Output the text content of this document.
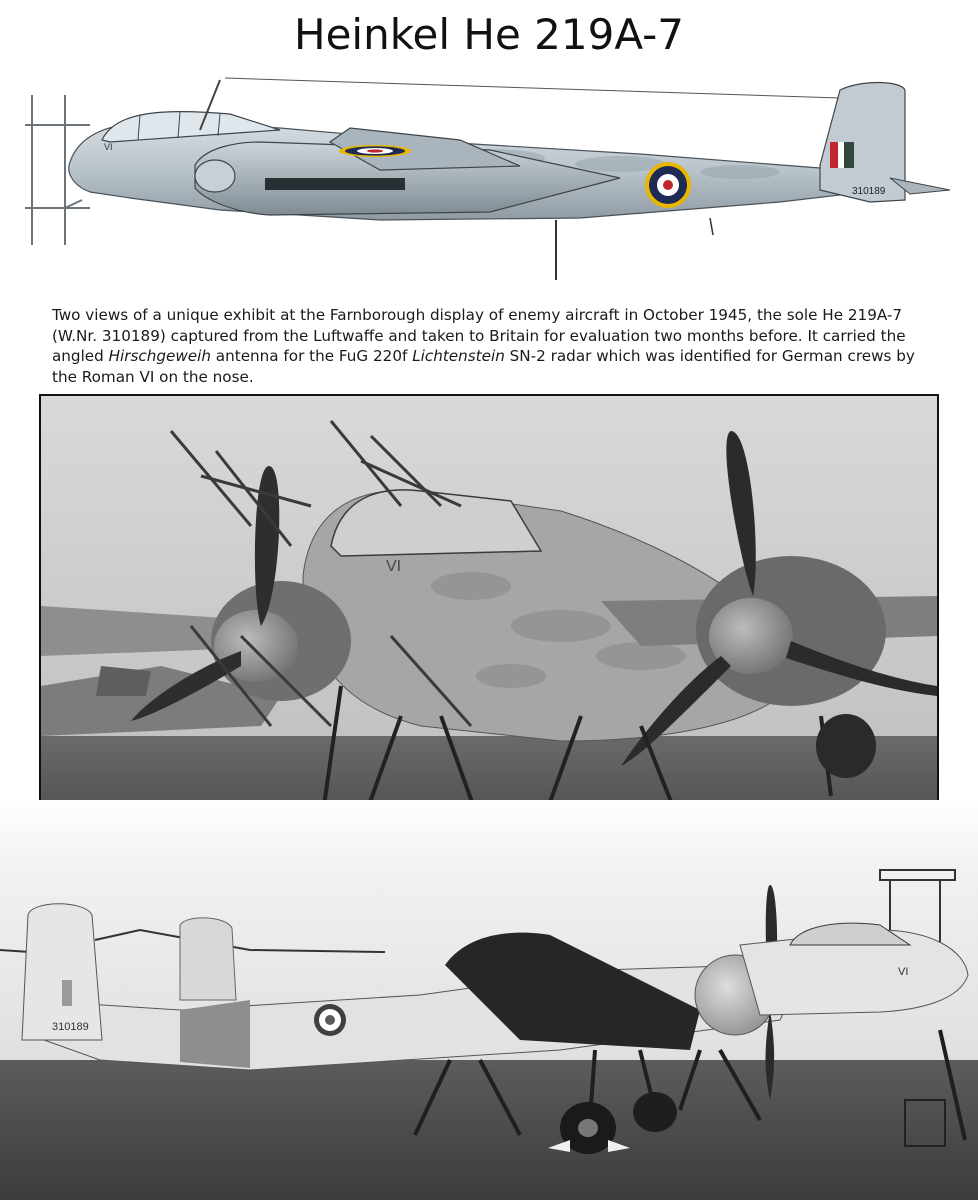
Heinkel He 219A-7
310189
VI

Two views of a unique exhibit at the Farnborough display of enemy aircraft in October 1945, the sole He 219A-7 (W.Nr. 310189) captured from the Luftwaffe and taken to Britain for evaluation two months before. It carried the angled Hirschgeweih antenna for the FuG 220f Lichtenstein SN-2 radar which was identified for German crews by the Roman VI on the nose.

VI
310189
VI
